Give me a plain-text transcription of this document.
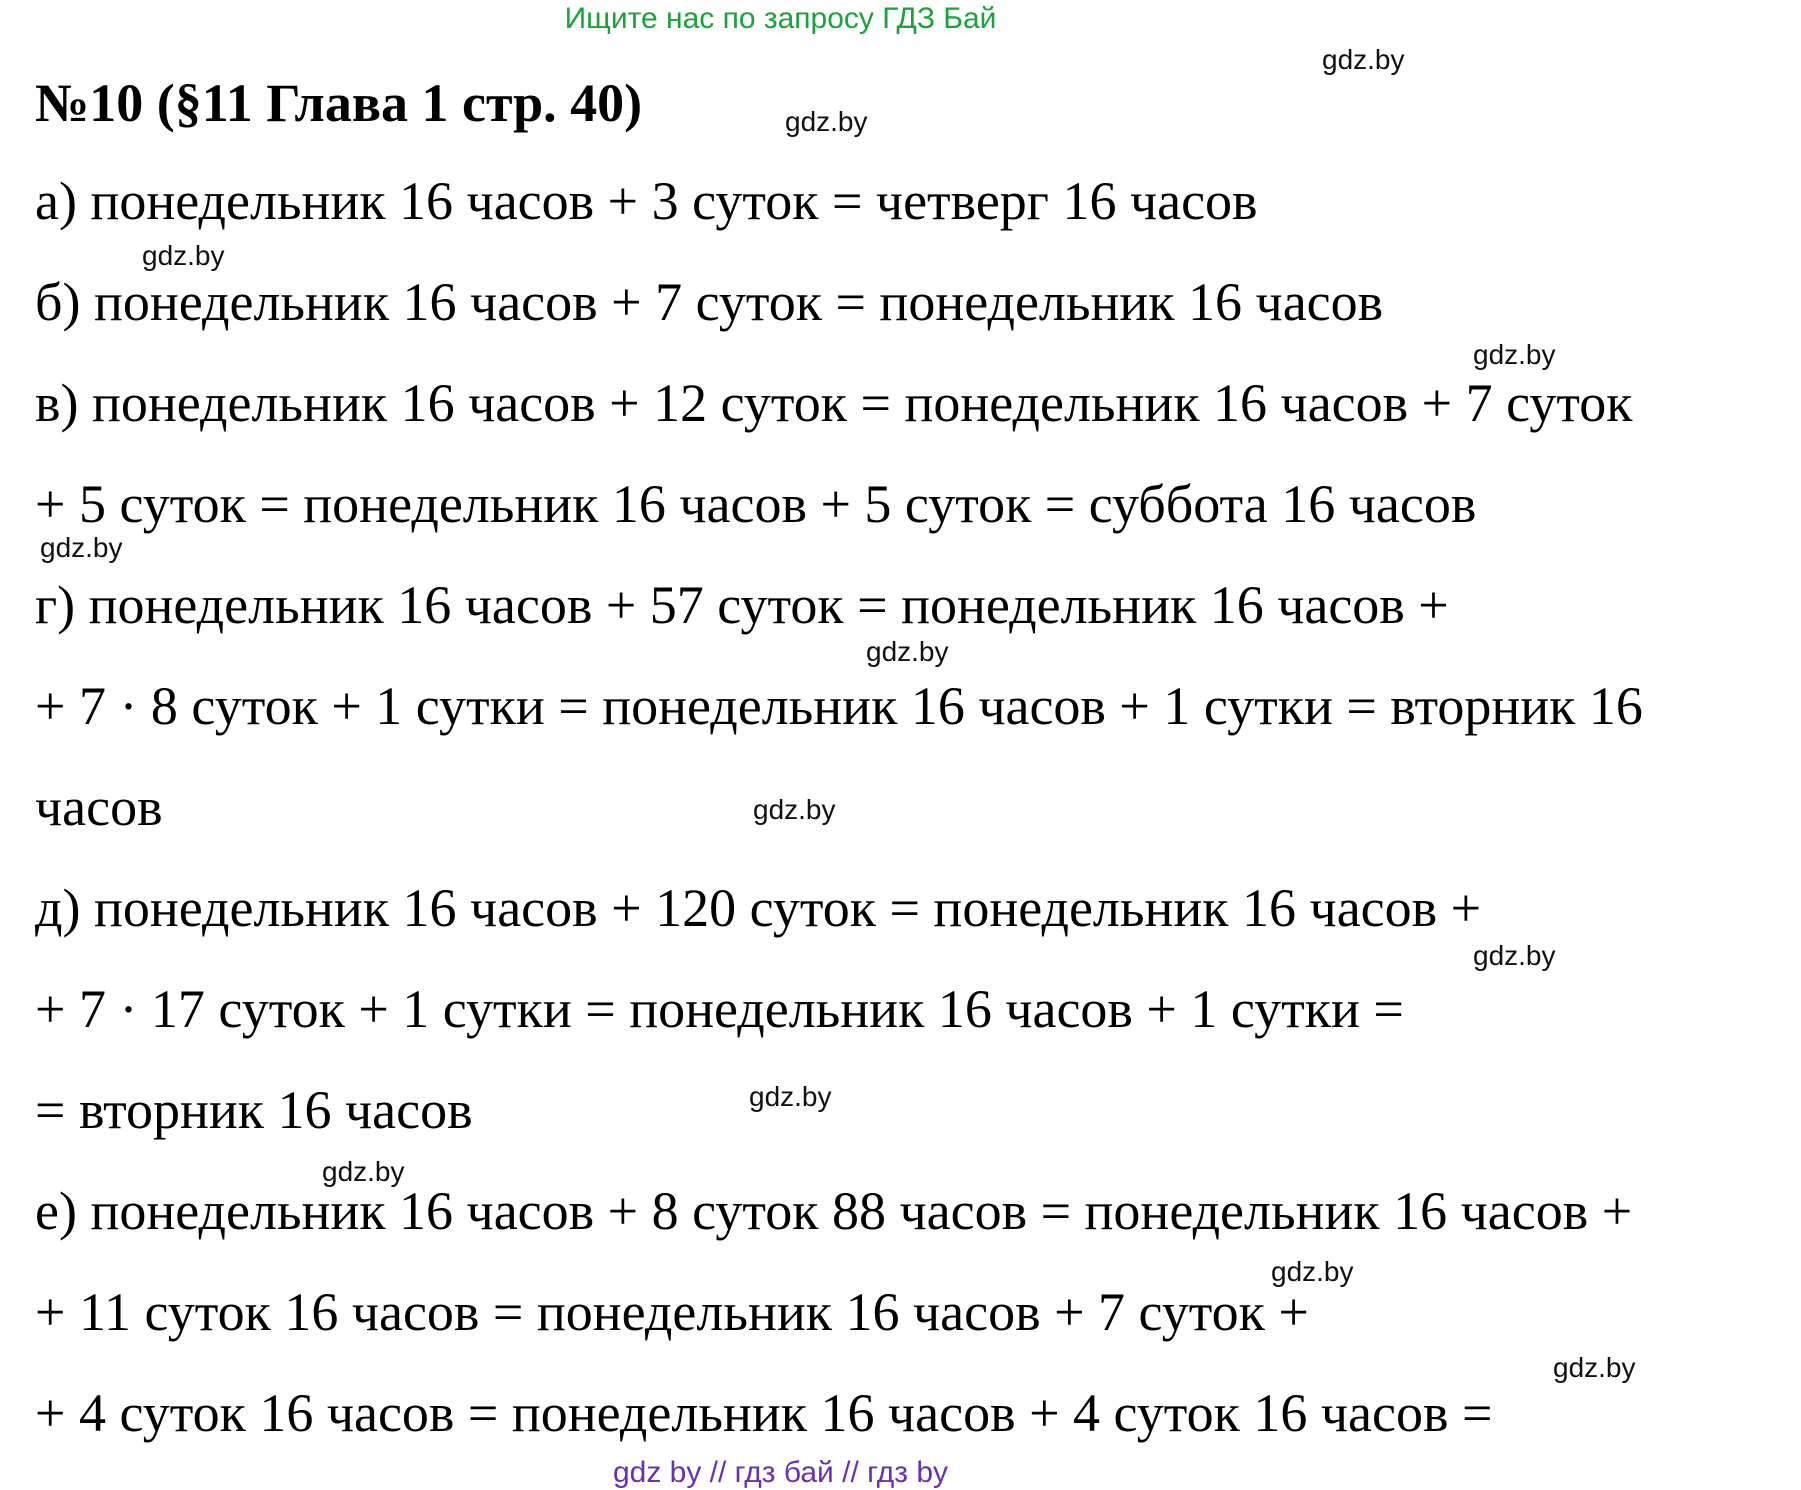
Ищите нас по запросу ГДЗ Бай
№10 (§11 Глава 1 стр. 40)
gdz.by
gdz.by
gdz.by
gdz.by
gdz.by
gdz.by
gdz.by
gdz.by
gdz.by
gdz.by
gdz.by
gdz.by
а) понедельник 16 часов + 3 суток = четверг 16 часов
б) понедельник 16 часов + 7 суток = понедельник 16 часов
в) понедельник 16 часов + 12 суток = понедельник 16 часов + 7 суток
+ 5 суток = понедельник 16 часов + 5 суток = суббота 16 часов
г) понедельник 16 часов + 57 суток = понедельник 16 часов +
+ 7 · 8 суток + 1 сутки = понедельник 16 часов + 1 сутки = вторник 16
часов
д) понедельник 16 часов + 120 суток = понедельник 16 часов +
+ 7 · 17 суток + 1 сутки = понедельник 16 часов + 1 сутки =
= вторник 16 часов
е) понедельник 16 часов + 8 суток 88 часов = понедельник 16 часов +
+ 11 суток 16 часов = понедельник 16 часов + 7 суток +
+ 4 суток 16 часов = понедельник 16 часов + 4 суток 16 часов =
gdz by // гдз бай // гдз by
